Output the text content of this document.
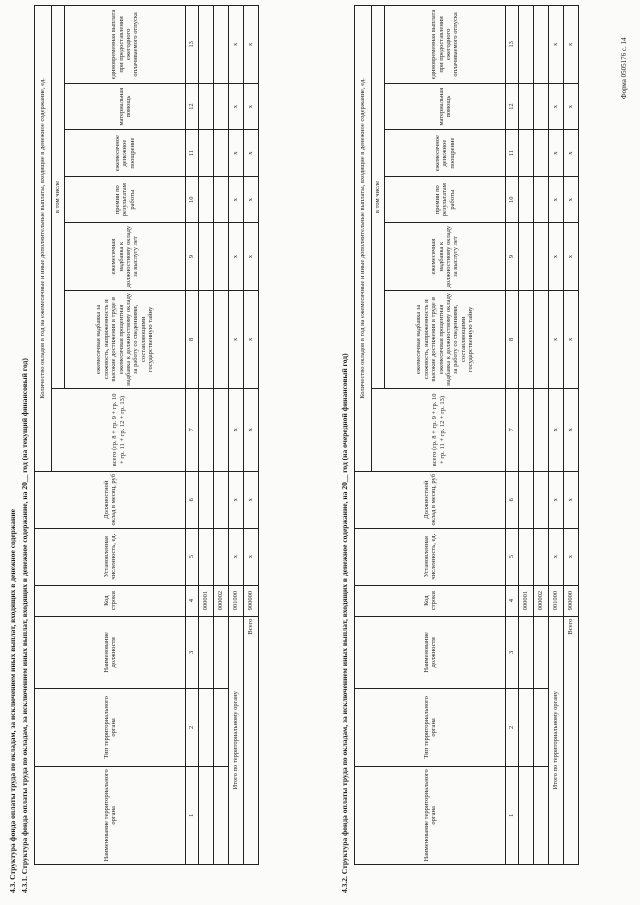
4.3. Структура фонда оплаты труда по окладам, за исключением иных выплат, входящих в денежное содержание 4.3.1. Структура фонда оплаты труда по окладам, за исключением иных выплат, входящих в денежное содержание, на 20__ год (на текущий финансовый год)
Форма 0505176 с. 14
Наименование территориального органа	Тип территориального органа	Наименование должности	Код строки	Установленная численность, ед.	Должностной оклад в месяц, руб	Количество окладов в год на ежемесячные и иные дополнительные выплаты, входящие в денежное содержание, ед.						
						всего (гр. 8 + гр. 9 + гр. 10 + гр. 11 + гр. 12 + гр. 13)	в том числе					
							ежемесячная надбавка за сложность, напряженность и высокие достижения в труде и ежемесячная процентная надбавка к должностному окладу за работу со сведениями, составляющими государственную тайну	ежемесячная надбавка к должностному окладу за выслугу лет	премии по результатам работы	ежемесячное денежное поощрение	материальная помощь	единовременная выплата при предоставлении ежегодного оплачиваемого отпуска
1	2	3	4	5	6	7	8	9	10	11	12	13
			000001									
			000002									
Итого по территориальному органу			001000	x	x	x	x	x	x	x	x	x
Всего			900000	x	x	x	x	x	x	x	x	x
4.3.2. Структура фонда оплаты труда по окладам, за исключением иных выплат, входящих в денежное содержание, на 20__ год (на очередной финансовый год)	Наименование территориального органа	Тип территориального органа	Наименование должности	Код строки	Установленная численность, ед.	Должностной оклад в месяц, руб	Количество окладов в год на ежемесячные и иные дополнительные выплаты, входящие в денежное содержание, ед.						
						всего (гр. 8 + гр. 9 + гр. 10 + гр. 11 + гр. 12 + гр. 13)	в том числе					
							ежемесячная надбавка за сложность, напряженность и высокие достижения в труде и ежемесячная процентная надбавка к должностному окладу за работу со сведениями, составляющими государственную тайну	ежемесячная надбавка к должностному окладу за выслугу лет	премии по результатам работы	ежемесячное денежное поощрение	материальная помощь	единовременная выплата при предоставлении ежегодного оплачиваемого отпуска
1	2	3	4	5	6	7	8	9	10	11	12	13
			000001									
			000002									
Итого по территориальному органу			001000	x	x	x	x	x	x	x	x	x
Всего			900000	x	x	x	x	x	x	x	x	x
